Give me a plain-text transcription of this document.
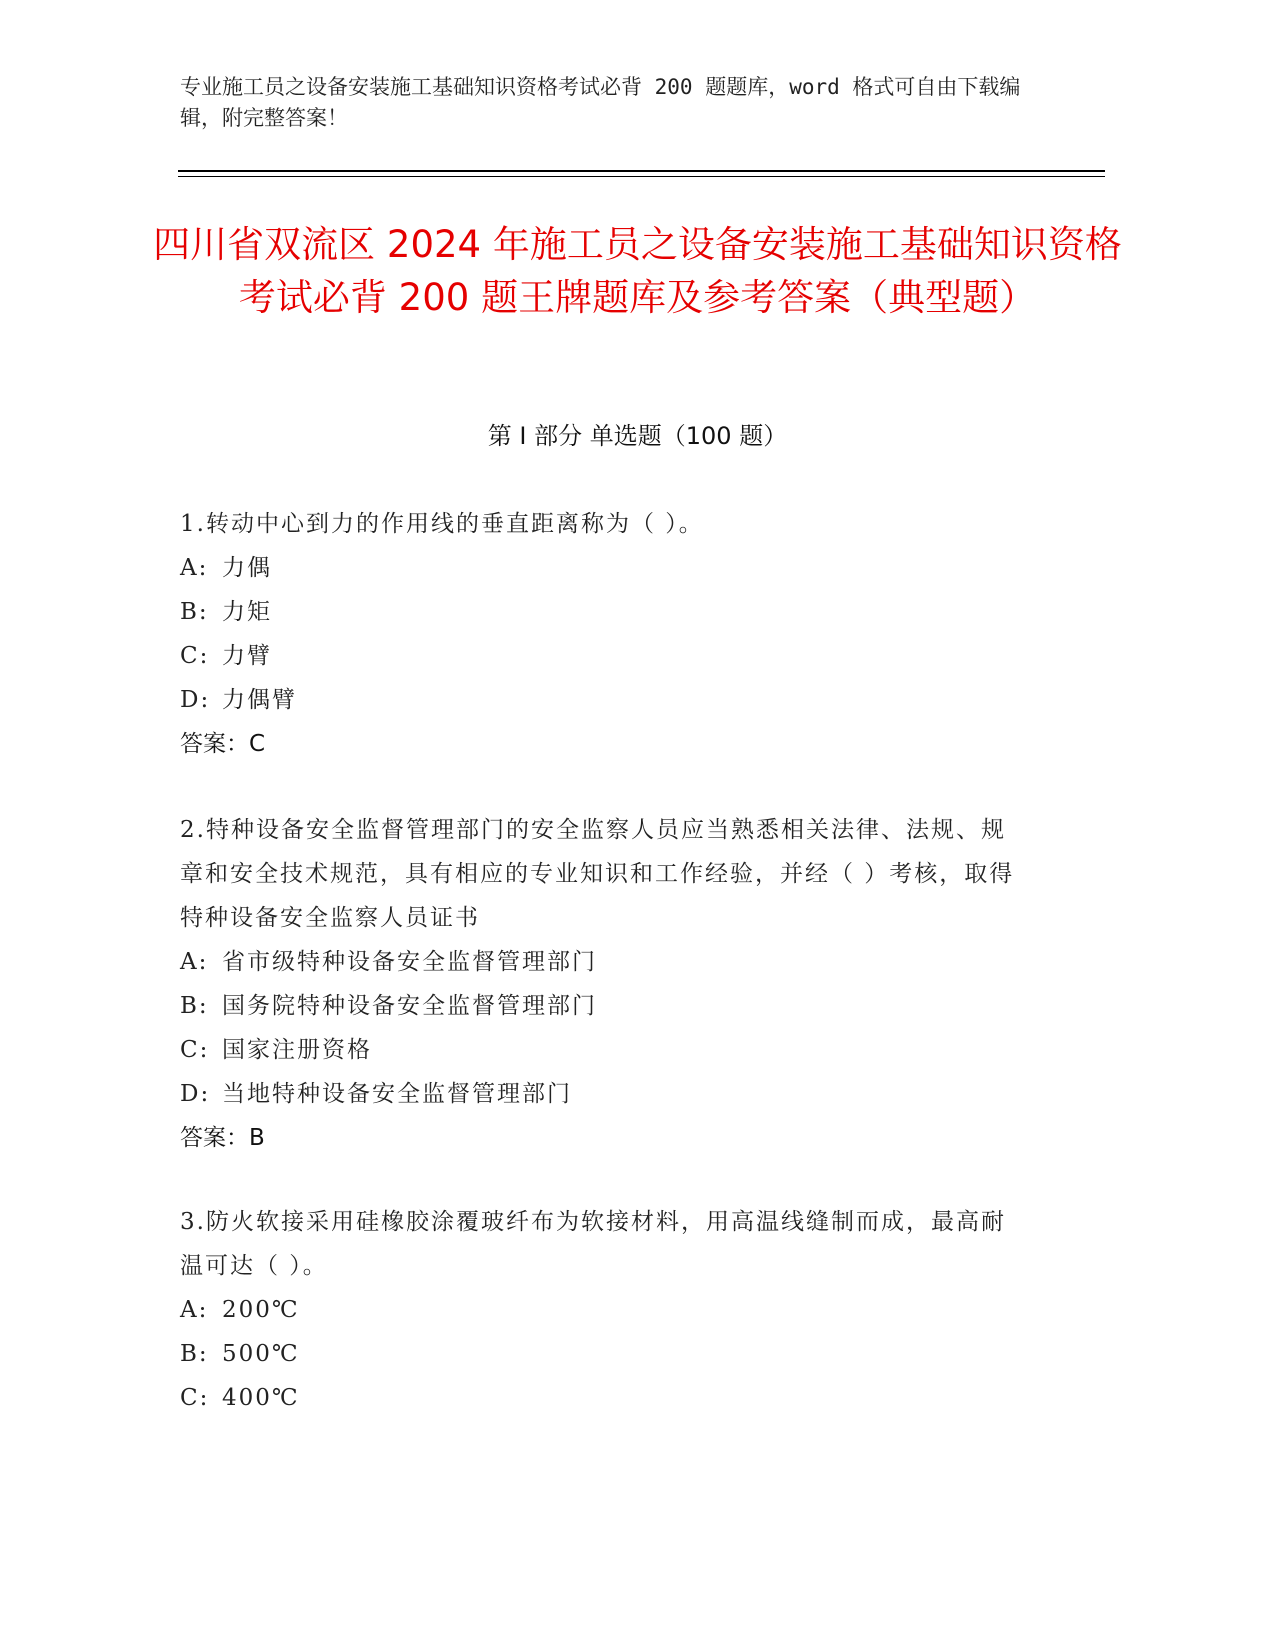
专业施工员之设备安装施工基础知识资格考试必背 200 题题库，word 格式可自由下载编辑，附完整答案！
四川省双流区 2024 年施工员之设备安装施工基础知识资格考试必背 200 题王牌题库及参考答案（典型题）
第 I 部分 单选题（100 题）
1.转动中心到力的作用线的垂直距离称为（ ）。
A: 力偶
B: 力矩
C: 力臂
D: 力偶臂
答案：C
2.特种设备安全监督管理部门的安全监察人员应当熟悉相关法律、法规、规章和安全技术规范，具有相应的专业知识和工作经验，并经（ ）考核，取得特种设备安全监察人员证书
A: 省市级特种设备安全监督管理部门
B: 国务院特种设备安全监督管理部门
C: 国家注册资格
D: 当地特种设备安全监督管理部门
答案：B
3.防火软接采用硅橡胶涂覆玻纤布为软接材料，用高温线缝制而成，最高耐温可达（ ）。
A: 200℃
B: 500℃
C: 400℃
